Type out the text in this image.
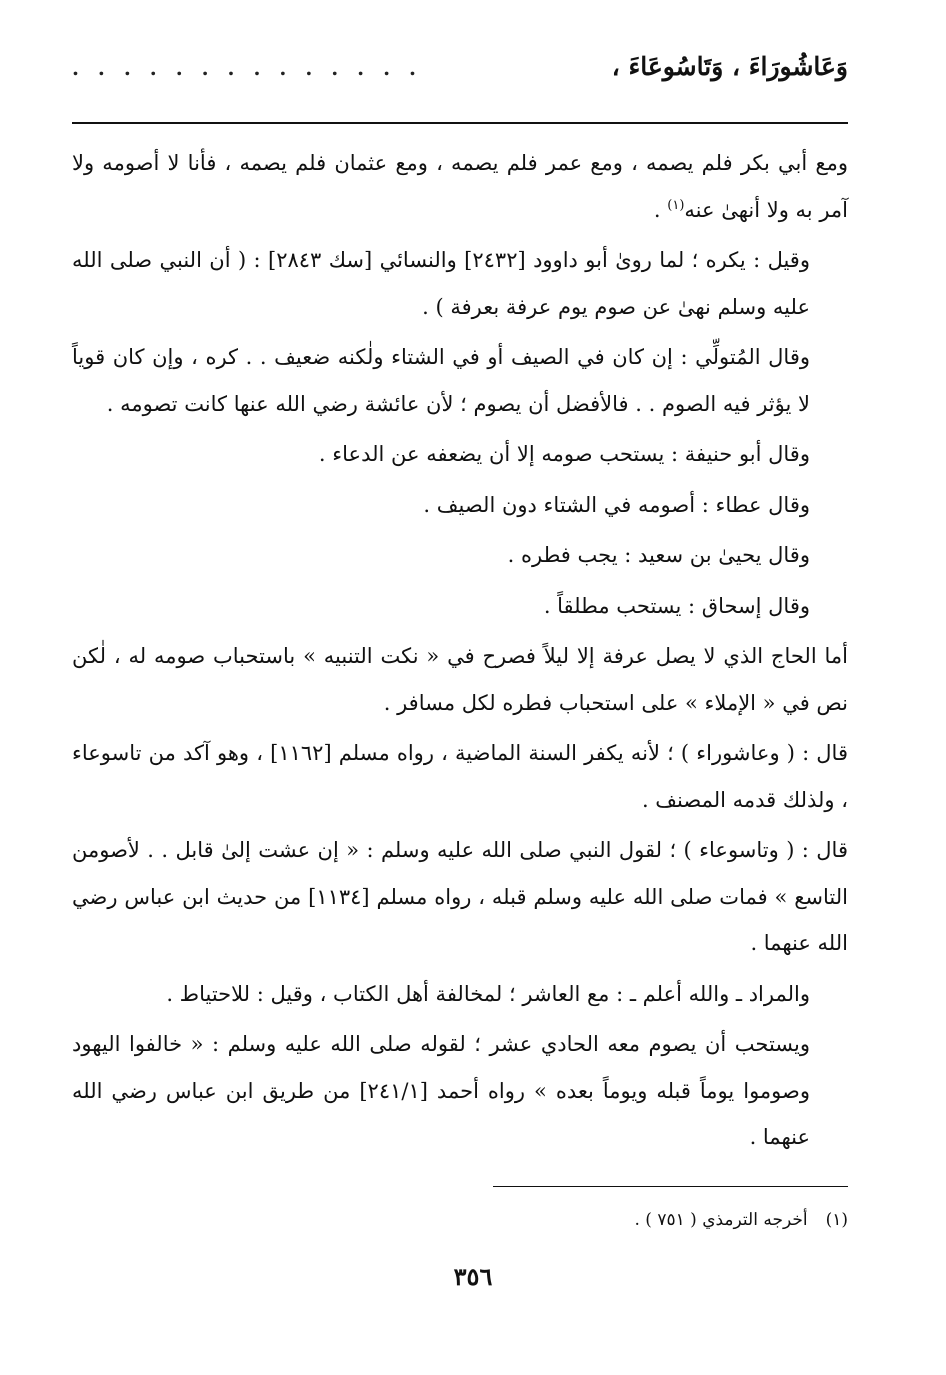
وَعَاشُورَاءَ ، وَتَاسُوعَاءَ ،
. . . . . . . . . . . . . .

ومع أبي بكر فلم يصمه ، ومع عمر فلم يصمه ، ومع عثمان فلم يصمه ، فأنا لا أصومه ولا آمر به ولا أنهىٰ عنه$^{(١)}$ .

وقيل : يكره ؛ لما روىٰ أبو داوود [٢٤٣٢] والنسائي [سك ٢٨٤٣] : ( أن النبي صلى الله عليه وسلم نهىٰ عن صوم يوم عرفة بعرفة ) .

وقال المُتولِّي : إن كان في الصيف أو في الشتاء ولٰكنه ضعيف . . كره ، وإن كان قوياً لا يؤثر فيه الصوم . . فالأفضل أن يصوم ؛ لأن عائشة رضي الله عنها كانت تصومه .

وقال أبو حنيفة : يستحب صومه إلا أن يضعفه عن الدعاء .

وقال عطاء : أصومه في الشتاء دون الصيف .

وقال يحيىٰ بن سعيد : يجب فطره .

وقال إسحاق : يستحب مطلقاً .

أما الحاج الذي لا يصل عرفة إلا ليلاً فصرح في « نكت التنبيه » باستحباب صومه له ، لٰكن نص في « الإملاء » على استحباب فطره لكل مسافر .

قال : ( وعاشوراء ) ؛ لأنه يكفر السنة الماضية ، رواه مسلم [١١٦٢] ، وهو آكد من تاسوعاء ، ولذلك قدمه المصنف .

قال : ( وتاسوعاء ) ؛ لقول النبي صلى الله عليه وسلم : « إن عشت إلىٰ قابل . . لأصومن التاسع » فمات صلى الله عليه وسلم قبله ، رواه مسلم [١١٣٤] من حديث ابن عباس رضي الله عنهما .

والمراد ـ والله أعلم ـ : مع العاشر ؛ لمخالفة أهل الكتاب ، وقيل : للاحتياط .

ويستحب أن يصوم معه الحادي عشر ؛ لقوله صلى الله عليه وسلم : « خالفوا اليهود وصوموا يوماً قبله ويوماً بعده » رواه أحمد [٢٤١/١] من طريق ابن عباس رضي الله عنهما .

(١)أخرجه الترمذي ( ٧٥١ ) .
٣٥٦
